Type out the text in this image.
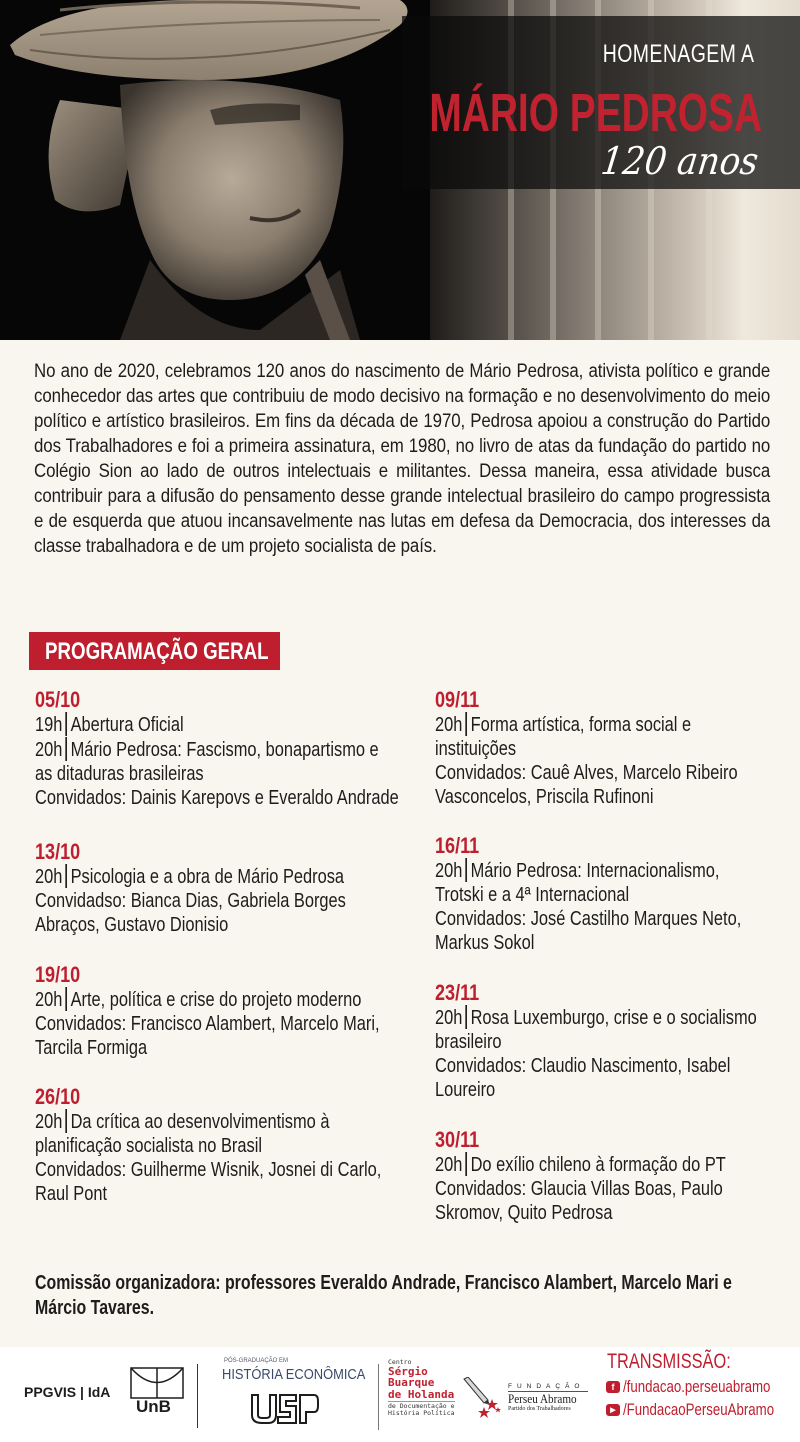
HOMENAGEM A
MÁRIO PEDROSA
120 anos

No ano de 2020, celebramos 120 anos do nascimento de Mário Pedrosa, ativista político e grande conhecedor das artes que contribuiu de modo decisivo na formação e no desenvolvimento do meio político e artístico brasileiros. Em fins da década de 1970, Pedrosa apoiou a construção do Partido dos Trabalhadores e foi a primeira assinatura, em 1980, no livro de atas da fundação do partido no Colégio Sion ao lado de outros intelectuais e militantes. Dessa maneira, essa atividade busca contribuir para a difusão do pensamento desse grande intelectual brasileiro do campo progressista e de esquerda que atuou incansavelmente nas lutas em defesa da Democracia, dos interesses da classe trabalhadora e de um projeto socialista de país.

PROGRAMAÇÃO GERAL
05/10
19h Abertura Oficial
20h Mário Pedrosa: Fascismo, bonapartismo e
as ditaduras brasileiras
Convidados: Dainis Karepovs e Everaldo Andrade
13/10
20h Psicologia e a obra de Mário Pedrosa
Convidadso: Bianca Dias, Gabriela Borges
Abraços, Gustavo Dionisio
19/10
20h Arte, política e crise do projeto moderno
Convidados: Francisco Alambert, Marcelo Mari,
Tarcila Formiga
26/10
20h Da crítica ao desenvolvimentismo à
planificação socialista no Brasil
Convidados: Guilherme Wisnik, Josnei di Carlo,
Raul Pont
09/11
20h Forma artística, forma social e
instituições
Convidados: Cauê Alves, Marcelo Ribeiro
Vasconcelos, Priscila Rufinoni
16/11
20h Mário Pedrosa: Internacionalismo,
Trotski e a 4ª Internacional
Convidados: José Castilho Marques Neto,
Markus Sokol
23/11
20h Rosa Luxemburgo, crise e o socialismo
brasileiro
Convidados: Claudio Nascimento, Isabel
Loureiro
30/11
20h Do exílio chileno à formação do PT
Convidados: Glaucia Villas Boas, Paulo
Skromov, Quito Pedrosa

Comissão organizadora: professores Everaldo Andrade, Francisco Alambert, Marcelo Mari e Márcio Tavares.

PPGVIS | IdA
UnB
PÓS-GRADUAÇÃO EM
HISTÓRIA ECONÔMICA
Centro
Sérgio
Buarque
de Holanda
de Documentação e
História Política
FUNDAÇÃO
Perseu Abramo
Partido dos Trabalhadores
TRANSMISSÃO:
f /fundacao.perseuabramo
▶ /FundacaoPerseuAbramo
